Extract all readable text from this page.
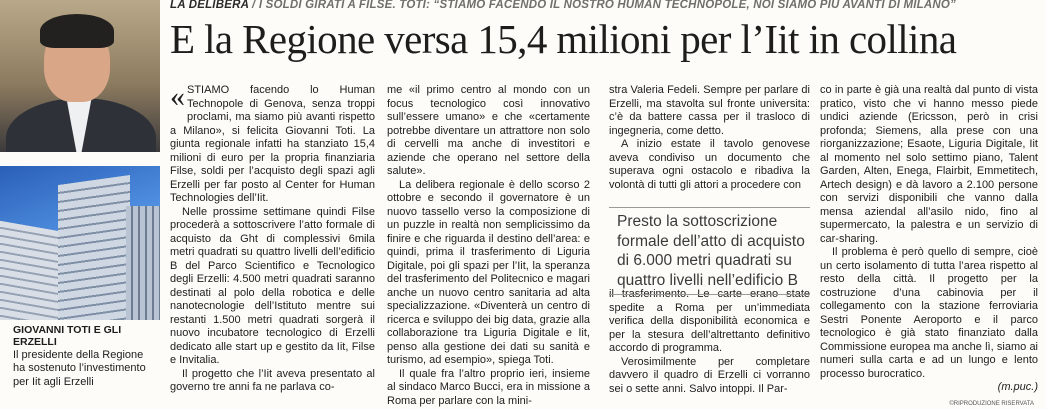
GIOVANNI TOTI E GLI ERZELLI
Il presidente della Regione ha sostenuto l’investimento per Iit agli Erzelli
LA DELIBERA / I SOLDI GIRATI A FILSE. TOTI: “STIAMO FACENDO IL NOSTRO HUMAN TECHNOPOLE, NOI SIAMO PIÙ AVANTI DI MILANO”
E la Regione versa 15,4 milioni per l’Iit in collina

« STIAMO facendo lo Human Technopole di Genova, senza troppi proclami, ma siamo più avanti rispetto a Milano», si felicita Giovanni Toti. La giunta regionale infatti ha stanziato 15,4 milioni di euro per la propria finanziaria Filse, soldi per l’acquisto degli spazi agli Erzelli per far posto al Center for Human Technologies dell’Iit.

Nelle prossime settimane quindi Filse procederà a sottoscrivere l’atto formale di acquisto da Ght di complessivi 6mila metri quadrati su quattro livelli dell’edificio B del Parco Scientifico e Tecnologico degli Erzelli: 4.500 metri quadrati saranno destinati al polo della robotica e delle nanotecnologie dell’Istituto mentre sui restanti 1.500 metri quadrati sorgerà il nuovo incubatore tecnologico di Erzelli dedicato alle start up e gestito da Iit, Filse e Invitalia.

Il progetto che l’Iit aveva presentato al governo tre anni fa ne parlava co-

me «il primo centro al mondo con un focus tecnologico così innovativo sull’essere umano» e che «certamente potrebbe diventare un attrattore non solo di cervelli ma anche di investitori e aziende che operano nel settore della salute».

La delibera regionale è dello scorso 2 ottobre e secondo il governatore è un nuovo tassello verso la composizione di un puzzle in realtà non semplicissimo da finire e che riguarda il destino dell’area: e quindi, prima il trasferimento di Liguria Digitale, poi gli spazi per l’Iit, la speranza del trasferimento del Politecnico e magari anche un nuovo centro sanitaria ad alta specializzazione. «Diventerà un centro di ricerca e sviluppo dei big data, grazie alla collaborazione tra Liguria Digitale e Iit, penso alla gestione dei dati su sanità e turismo, ad esempio», spiega Toti.

Il quale fra l’altro proprio ieri, insieme al sindaco Marco Bucci, era in missione a Roma per parlare con la mini-

stra Valeria Fedeli. Sempre per parlare di Erzelli, ma stavolta sul fronte universita: c’è da battere cassa per il trasloco di ingegneria, come detto.

A inizio estate il tavolo genovese aveva condiviso un documento che superava ogni ostacolo e ribadiva la volontà di tutti gli attori a procedere con

il trasferimento. Le carte erano state spedite a Roma per un’immediata verifica della disponibilità economica e per la stesura dell’altrettanto definitivo accordo di programma.

Verosimilmente per completare davvero il quadro di Erzelli ci vorranno sei o sette anni. Salvo intoppi. Il Par-

Presto la sottoscrizione formale dell’atto di acquisto di 6.000 metri quadrati su quattro livelli nell’edificio B

co in parte è già una realtà dal punto di vista pratico, visto che vi hanno messo piede undici aziende (Ericsson, però in crisi profonda; Siemens, alla prese con una riorganizzazione; Esaote, Liguria Digitale, Iit al momento nel solo settimo piano, Talent Garden, Alten, Enega, Flairbit, Emmetitech, Artech design) e dà lavoro a 2.100 persone con servizi disponibili che vanno dalla mensa aziendal all’asilo nido, fino al supermercato, la palestra e un servizio di car-sharing.

Il problema è però quello di sempre, cioè un certo isolamento di tutta l’area rispetto al resto della città. Il progetto per la costruzione d’una cabinovia per il collegamento con la stazione ferroviaria Sestri Ponente Aeroporto e il parco tecnologico è già stato finanziato dalla Commissione europea ma anche lì, siamo ai numeri sulla carta e ad un lungo e lento processo burocratico.

(m.puc.)
©RIPRODUZIONE RISERVATA
